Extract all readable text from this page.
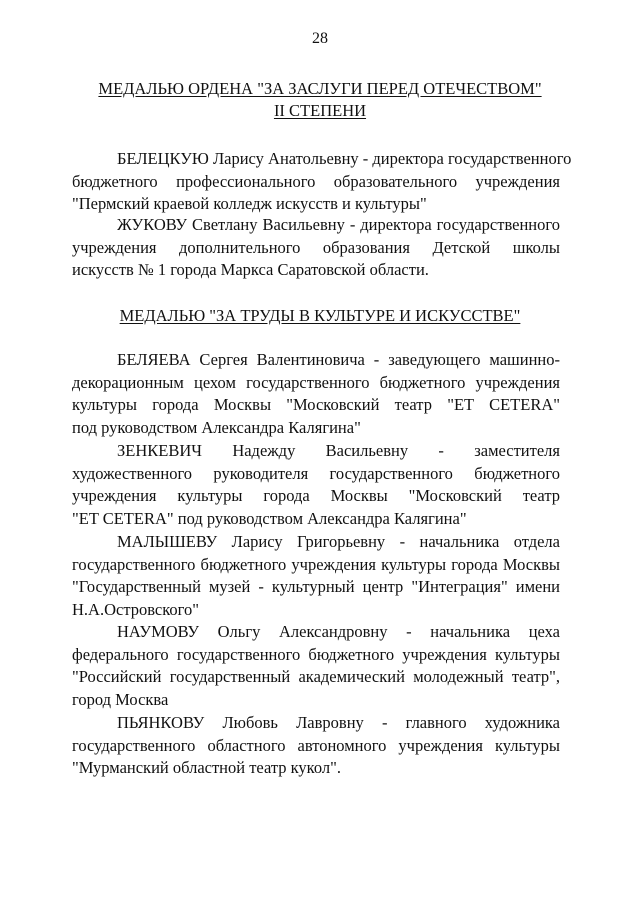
28
МЕДАЛЬЮ ОРДЕНА "ЗА ЗАСЛУГИ ПЕРЕД ОТЕЧЕСТВОМ"
II СТЕПЕНИ
БЕЛЕЦКУЮ Ларису Анатольевну - директора государственного
бюджетного профессионального образовательного учреждения
"Пермский краевой колледж искусств и культуры"
ЖУКОВУ Светлану Васильевну - директора государственного
учреждения дополнительного образования Детской школы
искусств № 1 города Маркса Саратовской области.
МЕДАЛЬЮ "ЗА ТРУДЫ В КУЛЬТУРЕ И ИСКУССТВЕ"
БЕЛЯЕВА Сергея Валентиновича - заведующего машинно-
декорационным цехом государственного бюджетного учреждения
культуры города Москвы "Московский театр "ET CETERA"
под руководством Александра Калягина"
ЗЕНКЕВИЧ Надежду Васильевну - заместителя
художественного руководителя государственного бюджетного
учреждения культуры города Москвы "Московский театр
"ET CETERA" под руководством Александра Калягина"
МАЛЫШЕВУ Ларису Григорьевну - начальника отдела
государственного бюджетного учреждения культуры города Москвы
"Государственный музей - культурный центр "Интеграция" имени
Н.А.Островского"
НАУМОВУ Ольгу Александровну - начальника цеха
федерального государственного бюджетного учреждения культуры
"Российский государственный академический молодежный театр",
город Москва
ПЬЯНКОВУ Любовь Лавровну - главного художника
государственного областного автономного учреждения культуры
"Мурманский областной театр кукол".
